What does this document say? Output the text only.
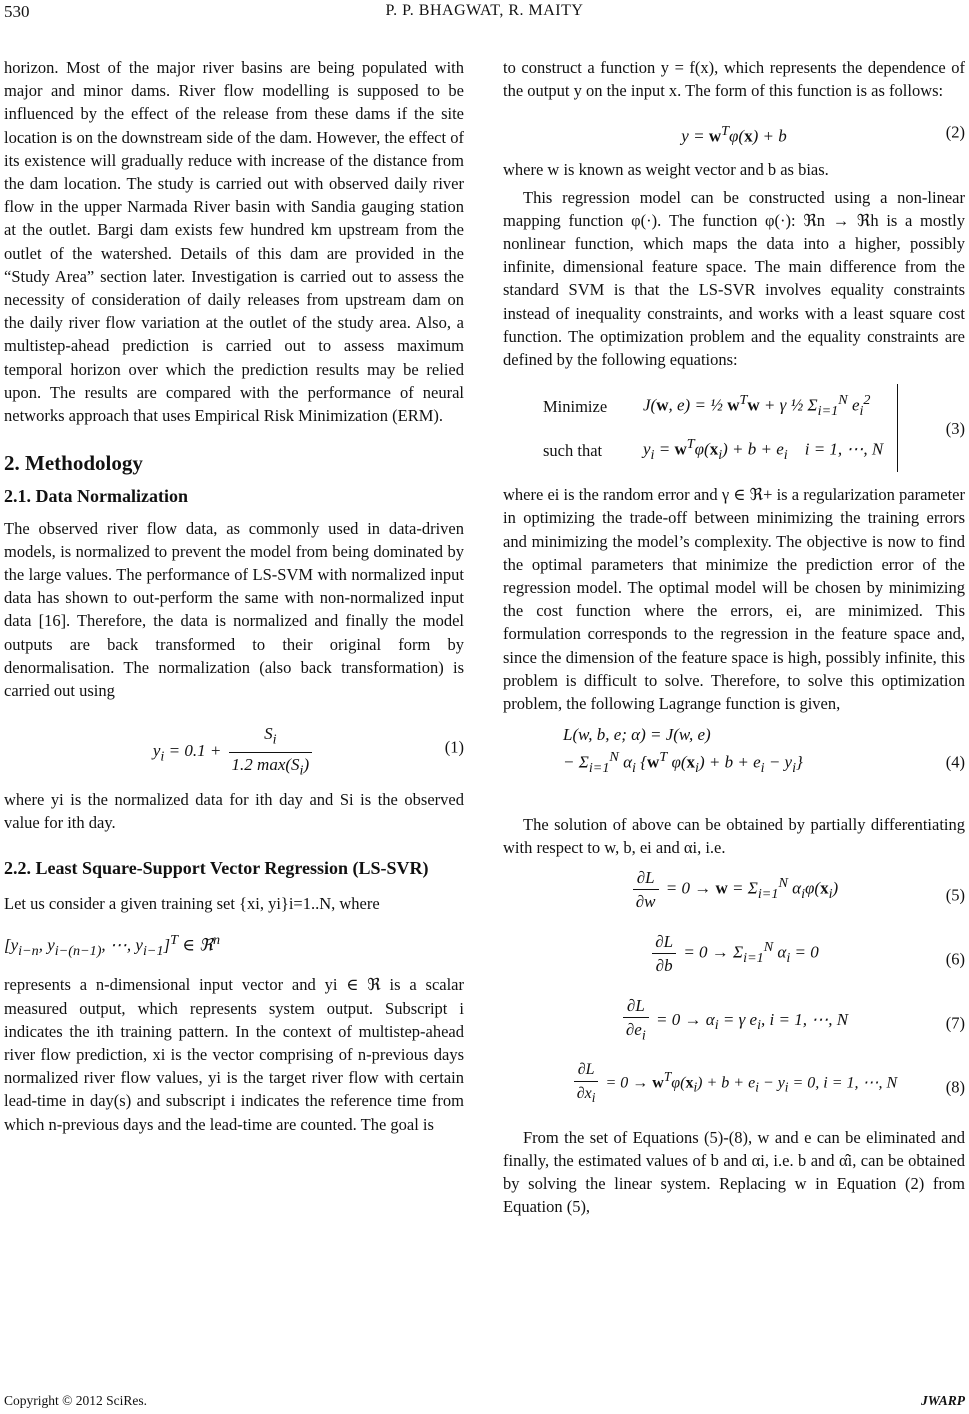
530	P. P. BHAGWAT, R. MAITY

horizon. Most of the major river basins are being populated with major and minor dams. River flow modelling is supposed to be influenced by the effect of the release from these dams if the site location is on the downstream side of the dam. However, the effect of its existence will gradually reduce with increase of the distance from the dam location. The study is carried out with observed daily river flow in the upper Narmada River basin with Sandia gauging station at the outlet. Bargi dam exists few hundred km upstream from the outlet of the watershed. Details of this dam are provided in the “Study Area” section later. Investigation is carried out to assess the necessity of consideration of daily releases from upstream dam on the daily river flow variation at the outlet of the study area. Also, a multistep-ahead prediction is carried out to assess maximum temporal horizon over which the prediction results may be relied upon. The results are compared with the performance of neural networks approach that uses Empirical Risk Minimization (ERM).

2. Methodology
2.1. Data Normalization

The observed river flow data, as commonly used in data-driven models, is normalized to prevent the model from being dominated by the large values. The performance of LS-SVM with normalized input data has shown to out-perform the same with non-normalized input data [16]. Therefore, the data is normalized and finally the model outputs are back transformed to their original form by denormalisation. The normalization (also back transformation) is carried out using

$y_i = 0.1 + \frac{S_i}{1.2 \max(S_i)}$	(1)

where yi is the normalized data for ith day and Si is the observed value for ith day.

2.2. Least Square-Support Vector Regression (LS-SVR)

Let us consider a given training set {xi, yi}i=1..N, where

[$y_{i-n}$, $y_{i-(n-1)}$, ⋯, $y_{i-1}]^T$ ∈ ℜ$^n$

represents a n-dimensional input vector and yi ∈ ℜ is a scalar measured output, which represents system output. Subscript i indicates the ith training pattern. In the context of multistep-ahead river flow prediction, xi is the vector comprising of n-previous days normalized river flow values, yi is the target river flow with certain lead-time in day(s) and subscript i indicates the reference time from which n-previous days and the lead-time are counted. The goal is

to construct a function y = f(x), which represents the dependence of the output y on the input x. The form of this function is as follows:

$y = w^T\varphi(x) + b$	(2)

where w is known as weight vector and b as bias.

This regression model can be constructed using a non-linear mapping function φ(·). The function φ(·): ℜn → ℜh is a mostly nonlinear function, which maps the data into a higher, possibly infinite, dimensional feature space. The main difference from the standard SVM is that the LS-SVR involves equality constraints instead of inequality constraints, and works with a least square cost function. The optimization problem and the equality constraints are defined by the following equations:

Minimize	J(w, e) = ½ $w^Tw + \gamma$ ½ $\Sigma_{i=1}^N$ $e_i^2$
such that	$y_i = w^T\varphi(x_i) + b + e_i$    i = 1, ⋯, N
(3)

where ei is the random error and γ ∈ ℜ+ is a regularization parameter in optimizing the trade-off between minimizing the training errors and minimizing the model’s complexity. The objective is now to find the optimal parameters that minimize the prediction error of the regression model. The optimal model will be chosen by minimizing the cost function where the errors, ei, are minimized. This formulation corresponds to the regression in the feature space and, since the dimension of the feature space is high, possibly infinite, this problem is difficult to solve. Therefore, to solve this optimization problem, the following Lagrange function is given,

L(w, b, e; α) = J(w, e)
− $\Sigma_{i=1}^N$ $\alpha_i$ {$w^T$ $\varphi(x_i) + b + e_i - y_i$}	(4)

The solution of above can be obtained by partially differentiating with respect to w, b, ei and αi, i.e.

$\frac{\partial L}{\partial w} = 0 \to w = \Sigma_{i=1}^N$ $\alpha_i\varphi(x_i)$	(5)
$\frac{\partial L}{\partial b} = 0 \to \Sigma_{i=1}^N$ $\alpha_i = 0$	(6)
$\frac{\partial L}{\partial e_i} = 0 \to \alpha_i = \gamma$ $e_i$, i = 1, ⋯, N	(7)
$\frac{\partial L}{\partial x_i} = 0 \to w^T\varphi(x_i) + b + e_i - y_i = 0$, i = 1, ⋯, N	(8)

From the set of Equations (5)-(8), w and e can be eliminated and finally, the estimated values of b and αi, i.e. b and α̂i, can be obtained by solving the linear system. Replacing w in Equation (2) from Equation (5),

Copyright © 2012 SciRes.	JWARP
